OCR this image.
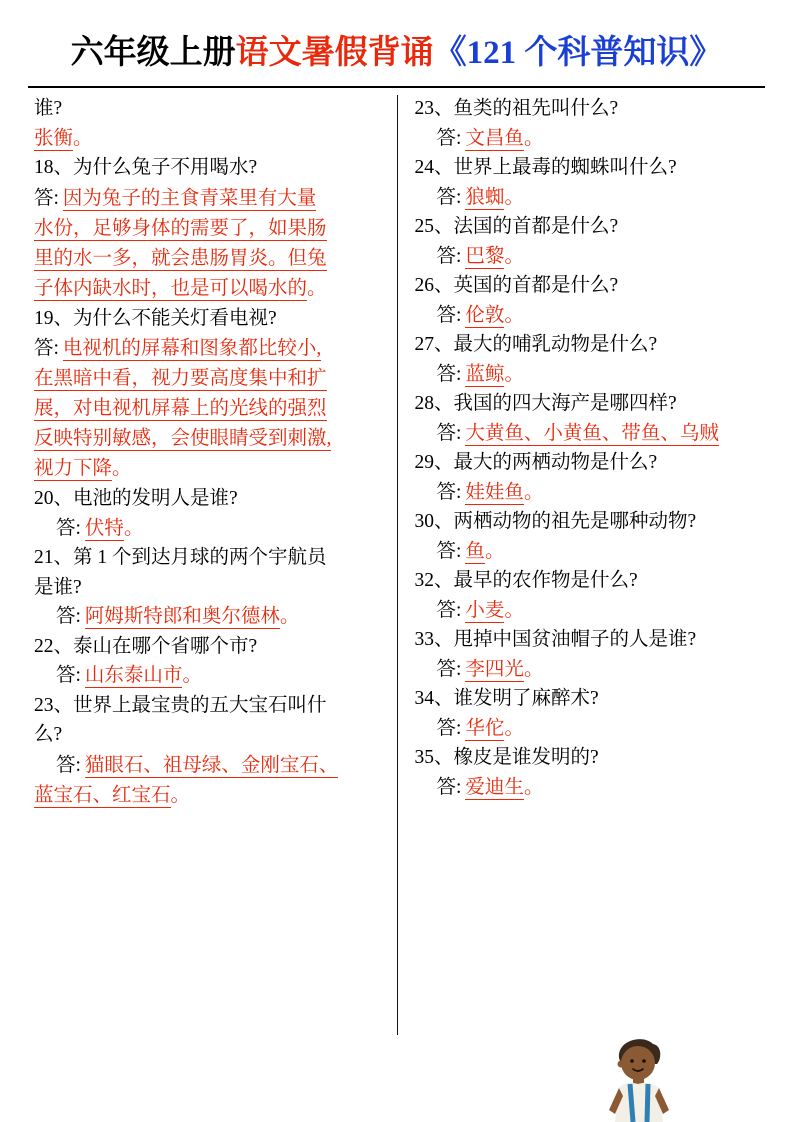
六年级上册语文暑假背诵《121 个科普知识》
谁?
张衡。
18、为什么兔子不用喝水?
答: 因为兔子的主食青菜里有大量
水份，足够身体的需要了，如果肠
里的水一多，就会患肠胃炎。但兔
子体内缺水时，也是可以喝水的。
19、为什么不能关灯看电视?
答: 电视机的屏幕和图象都比较小,
在黑暗中看，视力要高度集中和扩
展，对电视机屏幕上的光线的强烈
反映特别敏感，会使眼睛受到刺激,
视力下降。
20、电池的发明人是谁?
答: 伏特。
21、第 1 个到达月球的两个宇航员
是谁?
答: 阿姆斯特郎和奥尔德林。
22、泰山在哪个省哪个市?
答: 山东泰山市。
23、世界上最宝贵的五大宝石叫什
么?
答: 猫眼石、祖母绿、金刚宝石、
蓝宝石、红宝石。
23、鱼类的祖先叫什么?
答: 文昌鱼。
24、世界上最毒的蜘蛛叫什么?
答: 狼蜘。
25、法国的首都是什么?
答: 巴黎。
26、英国的首都是什么?
答: 伦敦。
27、最大的哺乳动物是什么?
答: 蓝鲸。
28、我国的四大海产是哪四样?
答: 大黄鱼、小黄鱼、带鱼、乌贼
29、最大的两栖动物是什么?
答: 娃娃鱼。
30、两栖动物的祖先是哪种动物?
答: 鱼。
32、最早的农作物是什么?
答: 小麦。
33、甩掉中国贫油帽子的人是谁?
答: 李四光。
34、谁发明了麻醉术?
答: 华佗。
35、橡皮是谁发明的?
答: 爱迪生。
